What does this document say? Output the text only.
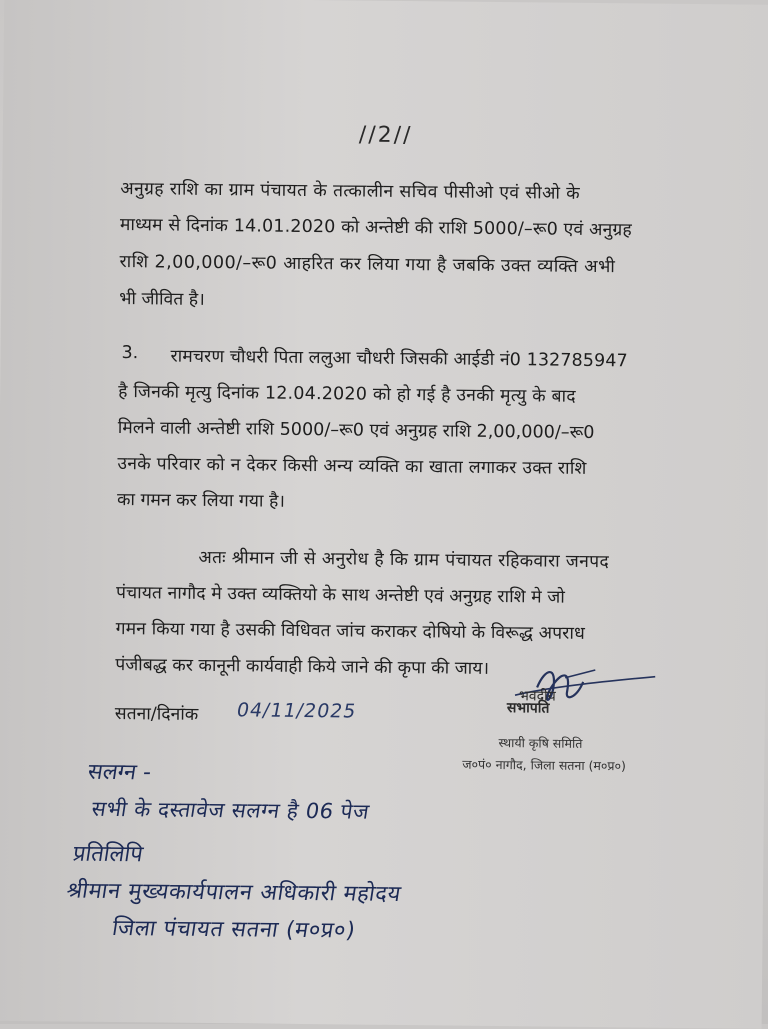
//2//
अनुग्रह राशि का ग्राम पंचायत के तत्कालीन सचिव पीसीओ एवं सीओ के
माध्यम से दिनांक 14.01.2020 को अन्तेष्टी की राशि 5000/–रू0 एवं अनुग्रह
राशि 2,00,000/–रू0 आहरित कर लिया गया है जबकि उक्त व्यक्ति अभी
भी जीवित है।
3. रामचरण चौधरी पिता ललुआ चौधरी जिसकी आईडी नं0 132785947
है जिनकी मृत्यु दिनांक 12.04.2020 को हो गई है उनकी मृत्यु के बाद
मिलने वाली अन्तेष्टी राशि 5000/–रू0 एवं अनुग्रह राशि 2,00,000/–रू0
उनके परिवार को न देकर किसी अन्य व्यक्ति का खाता लगाकर उक्त राशि
का गमन कर लिया गया है।
अतः श्रीमान जी से अनुरोध है कि ग्राम पंचायत रहिकवारा जनपद
पंचायत नागौद मे उक्त व्यक्तियो के साथ अन्तेष्टी एवं अनुग्रह राशि मे जो
गमन किया गया है उसकी विधिवत जांच कराकर दोषियो के विरूद्ध अपराध
पंजीबद्ध कर कानूनी कार्यवाही किये जाने की कृपा की जाय।
सतना/दिनांक 04/11/2025
भवदीय
सभापति
स्थायी कृषि समिति
ज०पं० नागौद, जिला सतना (म०प्र०)
सलग्न -
सभी के दस्तावेज सलग्न है 06 पेज
प्रतिलिपि
श्रीमान मुख्यकार्यपालन अधिकारी महोदय
जिला पंचायत सतना (म०प्र०)
